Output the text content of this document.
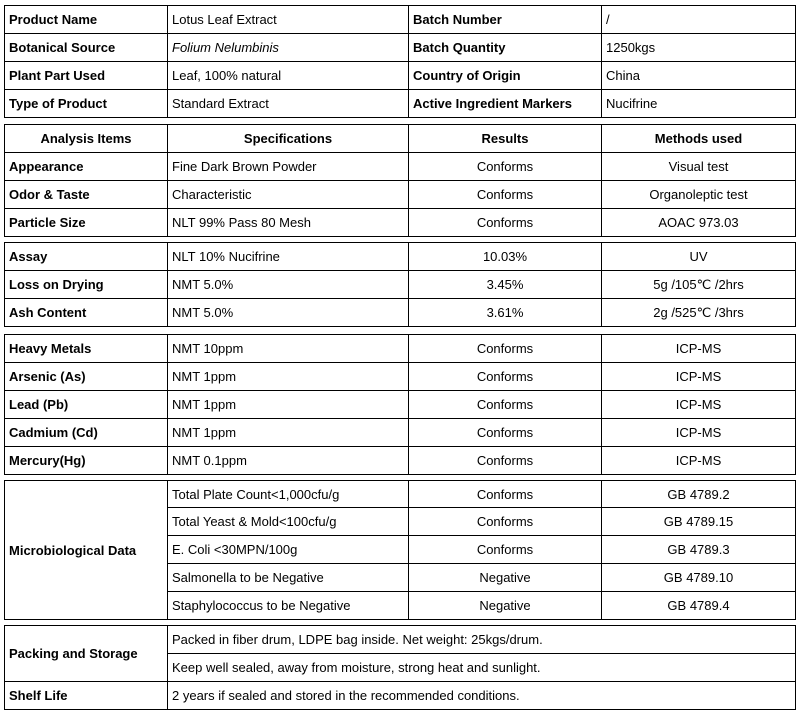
Product Name	Lotus Leaf Extract	Batch Number	/
Botanical Source	Folium Nelumbinis	Batch Quantity	1250kgs
Plant Part Used	Leaf, 100% natural	Country of Origin	China
Type of Product	Standard Extract	Active Ingredient Markers	Nucifrine
Analysis Items	Specifications	Results	Methods used
Appearance	Fine Dark Brown Powder	Conforms	Visual test
Odor & Taste	Characteristic	Conforms	Organoleptic test
Particle Size	NLT 99% Pass 80 Mesh	Conforms	AOAC 973.03
Assay	NLT 10% Nucifrine	10.03%	UV
Loss on Drying	NMT 5.0%	3.45%	5g /105℃ /2hrs
Ash Content	NMT 5.0%	3.61%	2g /525℃ /3hrs
Heavy Metals	NMT 10ppm	Conforms	ICP-MS
Arsenic (As)	NMT 1ppm	Conforms	ICP-MS
Lead (Pb)	NMT 1ppm	Conforms	ICP-MS
Cadmium (Cd)	NMT 1ppm	Conforms	ICP-MS
Mercury(Hg)	NMT 0.1ppm	Conforms	ICP-MS
Microbiological Data	Total Plate Count<1,000cfu/g	Conforms	GB 4789.2
	Total Yeast & Mold<100cfu/g	Conforms	GB 4789.15
	E. Coli <30MPN/100g	Conforms	GB 4789.3
	Salmonella to be Negative	Negative	GB 4789.10
	Staphylococcus to be Negative	Negative	GB 4789.4
Packing and Storage	Packed in fiber drum, LDPE bag inside. Net weight: 25kgs/drum.
	Keep well sealed, away from moisture, strong heat and sunlight.
Shelf Life	2 years if sealed and stored in the recommended conditions.
